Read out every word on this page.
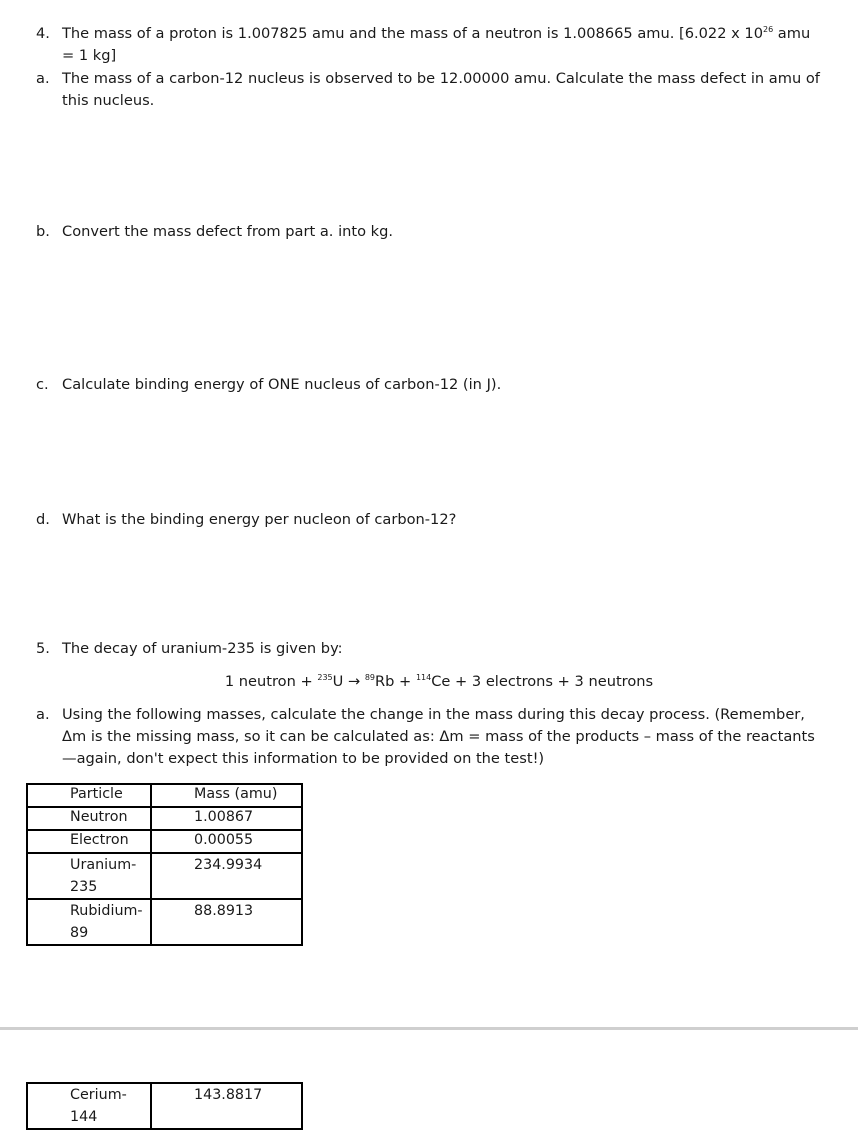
4. The mass of a proton is 1.007825 amu and the mass of a neutron is 1.008665 amu. [6.022 x $10^{26}$ amu = 1 kg]
a. The mass of a carbon-12 nucleus is observed to be 12.00000 amu. Calculate the mass defect in amu of this nucleus.
b. Convert the mass defect from part a. into kg.
c. Calculate binding energy of ONE nucleus of carbon-12 (in J).
d. What is the binding energy per nucleon of carbon-12?
5. The decay of uranium-235 is given by:
1 neutron + $^{235}$U → $^{89}$Rb + $^{114}$Ce + 3 electrons + 3 neutrons
a. Using the following masses, calculate the change in the mass during this decay process. (Remember, Δm is the missing mass, so it can be calculated as: Δm = mass of the products – mass of the reactants—again, don't expect this information to be provided on the test!)
Particle	Mass (amu)
Neutron	1.00867
Electron	0.00055
Uranium-235	234.9934
Rubidium-89	88.8913
Cerium-144	143.8817
